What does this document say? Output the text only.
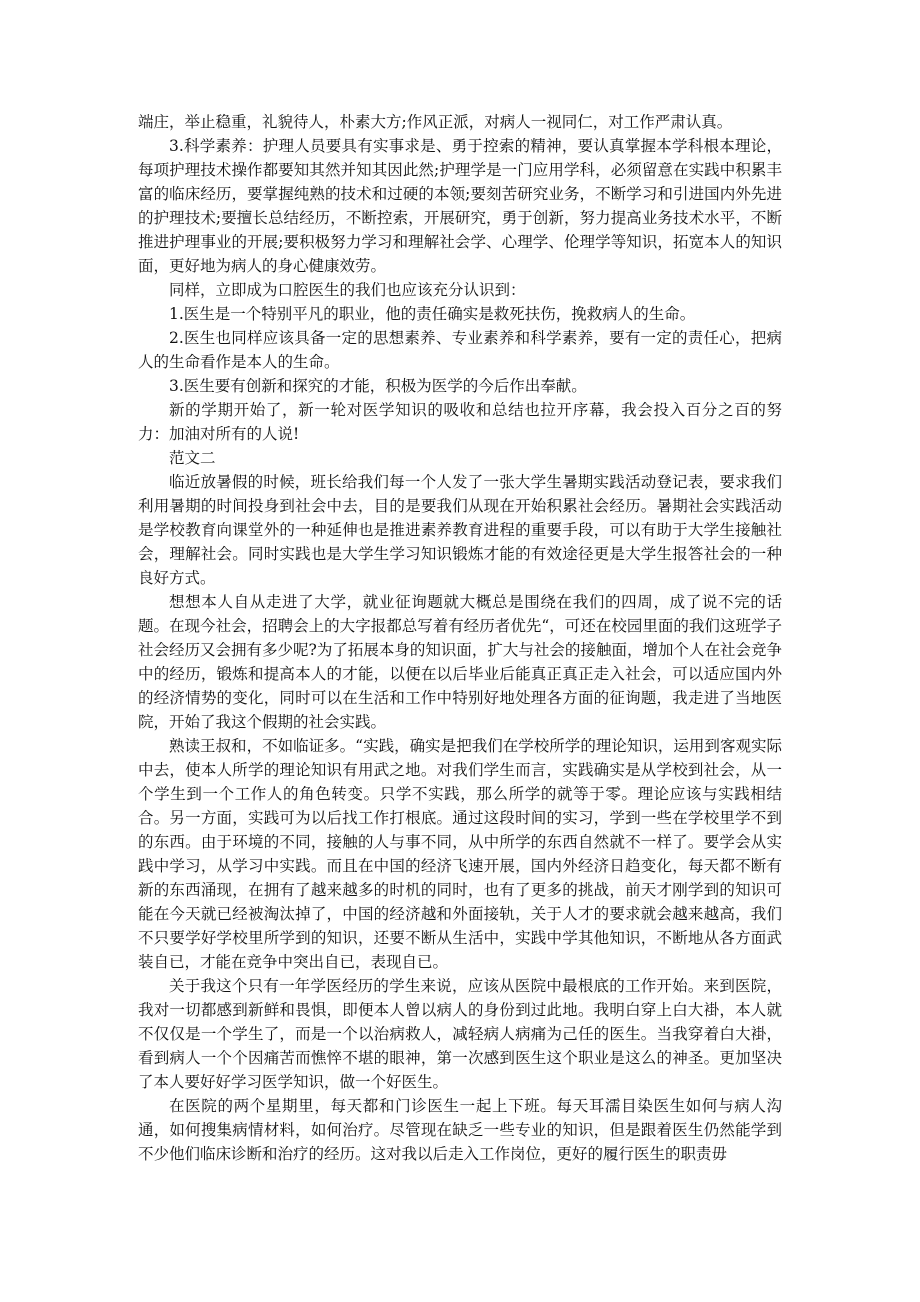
端庄，举止稳重，礼貌待人，朴素大方;作风正派，对病人一视同仁，对工作严肃认真。

3.科学素养：护理人员要具有实事求是、勇于控索的精神，要认真掌握本学科根本理论，每项护理技术操作都要知其然并知其因此然;护理学是一门应用学科，必须留意在实践中积累丰富的临床经历，要掌握纯熟的技术和过硬的本领;要刻苦研究业务，不断学习和引进国内外先进的护理技术;要擅长总结经历，不断控索，开展研究，勇于创新，努力提高业务技术水平，不断推进护理事业的开展;要积极努力学习和理解社会学、心理学、伦理学等知识，拓宽本人的知识面，更好地为病人的身心健康效劳。

同样，立即成为口腔医生的我们也应该充分认识到：

1.医生是一个特别平凡的职业，他的责任确实是救死扶伤，挽救病人的生命。

2.医生也同样应该具备一定的思想素养、专业素养和科学素养，要有一定的责任心，把病人的生命看作是本人的生命。

3.医生要有创新和探究的才能，积极为医学的今后作出奉献。

新的学期开始了，新一轮对医学知识的吸收和总结也拉开序幕，我会投入百分之百的努力：加油对所有的人说!

范文二

临近放暑假的时候，班长给我们每一个人发了一张大学生暑期实践活动登记表，要求我们利用暑期的时间投身到社会中去，目的是要我们从现在开始积累社会经历。暑期社会实践活动是学校教育向课堂外的一种延伸也是推进素养教育进程的重要手段，可以有助于大学生接触社会，理解社会。同时实践也是大学生学习知识锻炼才能的有效途径更是大学生报答社会的一种良好方式。

想想本人自从走进了大学，就业征询题就大概总是围绕在我们的四周，成了说不完的话题。在现今社会，招聘会上的大字报都总写着有经历者优先“，可还在校园里面的我们这班学子社会经历又会拥有多少呢?为了拓展本身的知识面，扩大与社会的接触面，增加个人在社会竞争中的经历，锻炼和提高本人的才能，以便在以后毕业后能真正真正走入社会，可以适应国内外的经济情势的变化，同时可以在生活和工作中特别好地处理各方面的征询题，我走进了当地医院，开始了我这个假期的社会实践。

熟读王叔和，不如临证多。“实践，确实是把我们在学校所学的理论知识，运用到客观实际中去，使本人所学的理论知识有用武之地。对我们学生而言，实践确实是从学校到社会，从一个学生到一个工作人的角色转变。只学不实践，那么所学的就等于零。理论应该与实践相结合。另一方面，实践可为以后找工作打根底。通过这段时间的实习，学到一些在学校里学不到的东西。由于环境的不同，接触的人与事不同，从中所学的东西自然就不一样了。要学会从实践中学习，从学习中实践。而且在中国的经济飞速开展，国内外经济日趋变化，每天都不断有新的东西涌现，在拥有了越来越多的时机的同时，也有了更多的挑战，前天才刚学到的知识可能在今天就已经被淘汰掉了，中国的经济越和外面接轨，关于人才的要求就会越来越高，我们不只要学好学校里所学到的知识，还要不断从生活中，实践中学其他知识，不断地从各方面武装自已，才能在竞争中突出自已，表现自已。

关于我这个只有一年学医经历的学生来说，应该从医院中最根底的工作开始。来到医院，我对一切都感到新鲜和畏惧，即便本人曾以病人的身份到过此地。我明白穿上白大褂，本人就不仅仅是一个学生了，而是一个以治病救人，减轻病人病痛为己任的医生。当我穿着白大褂，看到病人一个个因痛苦而憔悴不堪的眼神，第一次感到医生这个职业是这么的神圣。更加坚决了本人要好好学习医学知识，做一个好医生。

在医院的两个星期里，每天都和门诊医生一起上下班。每天耳濡目染医生如何与病人沟通，如何搜集病情材料，如何治疗。尽管现在缺乏一些专业的知识，但是跟着医生仍然能学到不少他们临床诊断和治疗的经历。这对我以后走入工作岗位，更好的履行医生的职责毋
